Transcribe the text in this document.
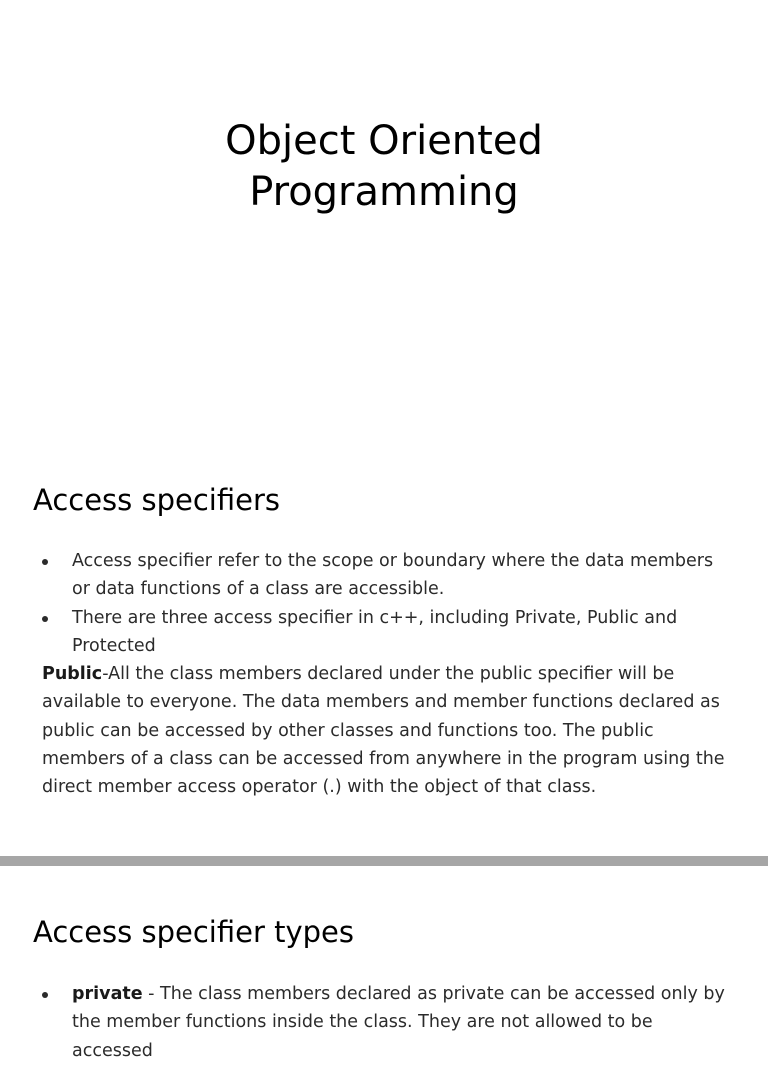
Object Oriented
Programming
Access specifiers
Access specifier refer to the scope or boundary where the data members or data functions of a class are accessible.
There are three access specifier in c++, including Private, Public and Protected

Public-All the class members declared under the public specifier will be available to everyone. The data members and member functions declared as public can be accessed by other classes and functions too. The public members of a class can be accessed from anywhere in the program using the direct member access operator (.) with the object of that class.

Access specifier types
private - The class members declared as private can be accessed only by the member functions inside the class. They are not allowed to be accessed
